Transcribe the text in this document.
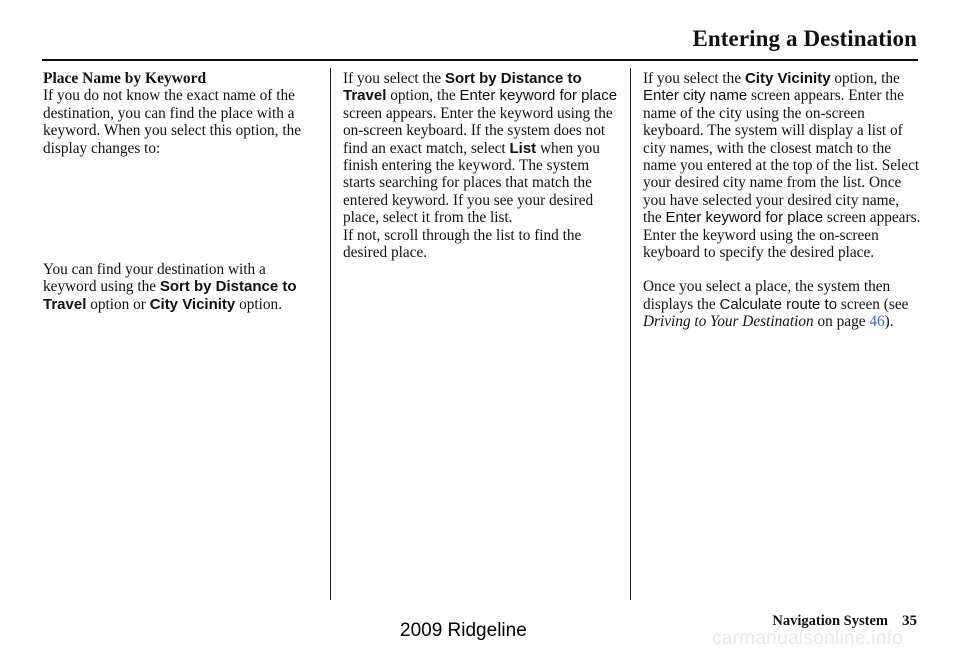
Entering a Destination

Place Name by Keyword

If you do not know the exact name of the destination, you can find the place with a keyword. When you select this option, the display changes to:

You can find your destination with a keyword using the Sort by Distance to Travel option or City Vicinity option.

If you select the Sort by Distance to Travel option, the Enter keyword for place screen appears. Enter the keyword using the on-screen keyboard. If the system does not find an exact match, select List when you finish entering the keyword. The system starts searching for places that match the entered keyword. If you see your desired place, select it from the list.

If not, scroll through the list to find the desired place.

If you select the City Vicinity option, the Enter city name screen appears. Enter the name of the city using the on-screen keyboard. The system will display a list of city names, with the closest match to the name you entered at the top of the list. Select your desired city name from the list. Once you have selected your desired city name, the Enter keyword for place screen appears. Enter the keyword using the on-screen keyboard to specify the desired place.

Once you select a place, the system then displays the Calculate route to screen (see Driving to Your Destination on page 46).

Navigation System 35
2009 Ridgeline	carmanualsonline.info
